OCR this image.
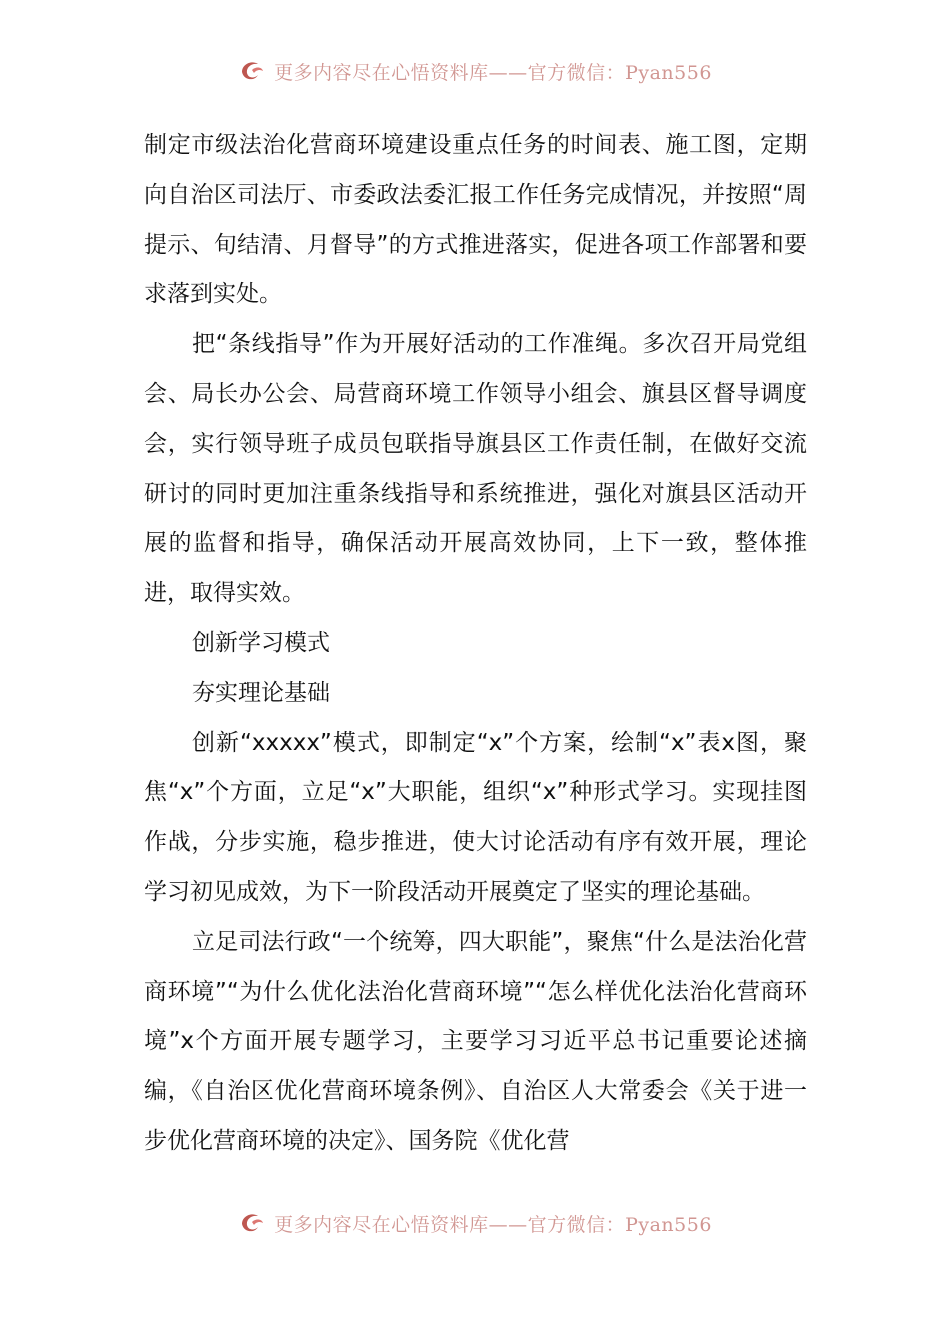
更多内容尽在心悟资料库——官方微信：Pyan556

制定市级法治化营商环境建设重点任务的时间表、施工图，定期向自治区司法厅、市委政法委汇报工作任务完成情况，并按照“周提示、旬结清、月督导”的方式推进落实，促进各项工作部署和要求落到实处。

把“条线指导”作为开展好活动的工作准绳。多次召开局党组会、局长办公会、局营商环境工作领导小组会、旗县区督导调度会，实行领导班子成员包联指导旗县区工作责任制，在做好交流研讨的同时更加注重条线指导和系统推进，强化对旗县区活动开展的监督和指导，确保活动开展高效协同，上下一致，整体推进，取得实效。

创新学习模式

夯实理论基础

创新“xxxxx”模式，即制定“x”个方案，绘制“x”表x图，聚焦“x”个方面，立足“x”大职能，组织“x”种形式学习。实现挂图作战，分步实施，稳步推进，使大讨论活动有序有效开展，理论学习初见成效，为下一阶段活动开展奠定了坚实的理论基础。

立足司法行政“一个统筹，四大职能”，聚焦“什么是法治化营商环境”“为什么优化法治化营商环境”“怎么样优化法治化营商环境”x个方面开展专题学习，主要学习习近平总书记重要论述摘编，《自治区优化营商环境条例》、自治区人大常委会《关于进一步优化营商环境的决定》、国务院《优化营

更多内容尽在心悟资料库——官方微信：Pyan556
